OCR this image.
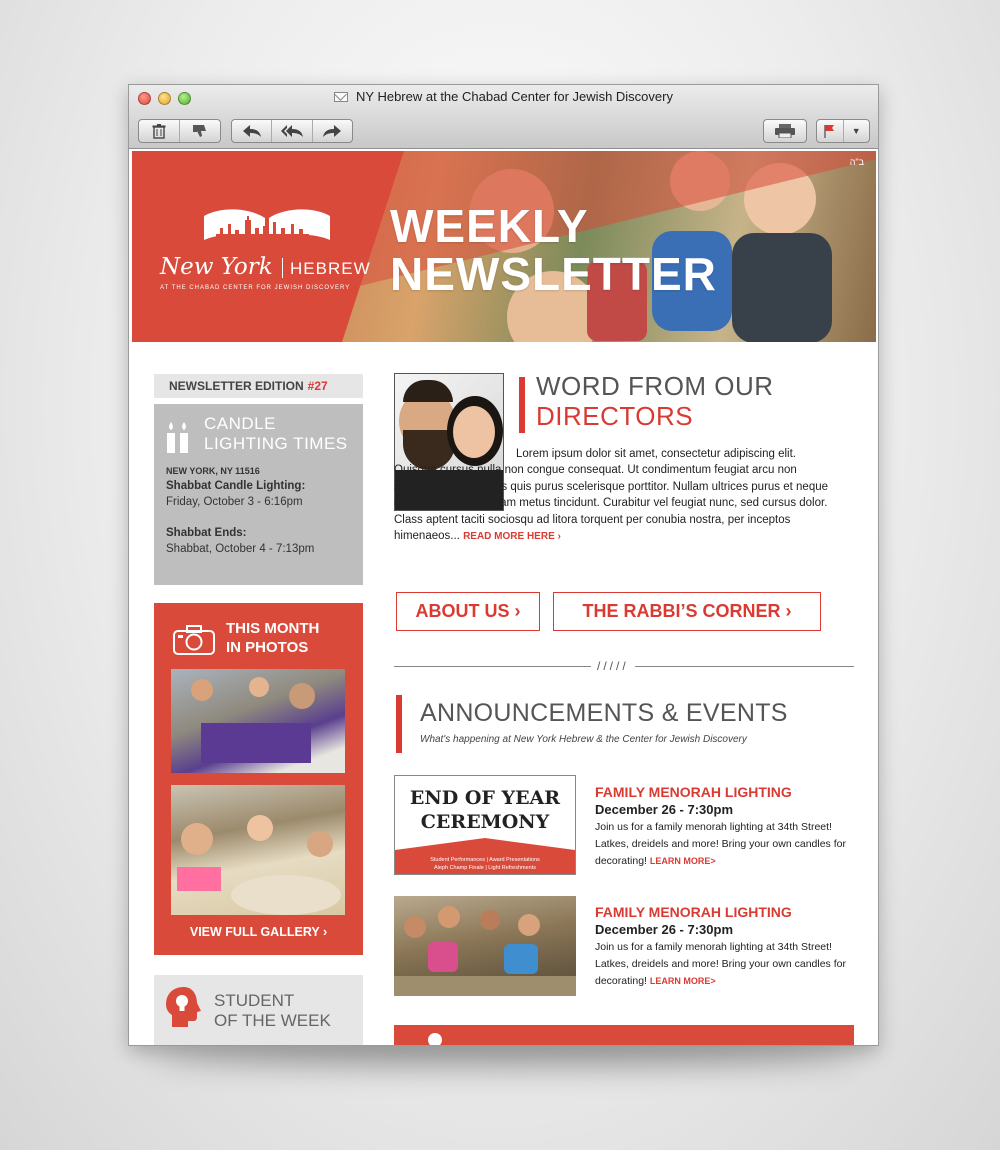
NY Hebrew at the Chabad Center for Jewish Discovery
▼
New York HEBREW
AT THE CHABAD CENTER FOR JEWISH DISCOVERY
WEEKLY
NEWSLETTER
ב"ה
NEWSLETTER EDITION #27
CANDLE
LIGHTING TIMES
NEW YORK, NY 11516
Shabbat Candle Lighting:
Friday, October 3 - 6:16pm
Shabbat Ends:
Shabbat, October 4 - 7:13pm
THIS MONTH
IN PHOTOS
VIEW FULL GALLERY ›
STUDENT
OF THE WEEK
WORD FROM OUR
DIRECTORS
Lorem ipsum dolor sit amet, consectetur adipiscing elit. Quisque cursus nulla non congue consequat. Ut condimentum feugiat arcu non sagittis. Nam ac turpis quis purus scelerisque porttitor. Nullam ultrices purus et neque ullamcorper, eu aliquam metus tincidunt. Curabitur vel feugiat nunc, sed cursus dolor. Class aptent taciti sociosqu ad litora torquent per conubia nostra, per inceptos himenaeos... READ MORE HERE ›
ABOUT US ›	THE RABBI’S CORNER ›
/////
ANNOUNCEMENTS & EVENTS
What's happening at New York Hebrew & the Center for Jewish Discovery
END OF YEAR CEREMONY
Student Performances | Award Presentations
Aleph Champ Finale | Light Refreshments
FAMILY MENORAH LIGHTING
December 26 - 7:30pm
Join us for a family menorah lighting at 34th Street! Latkes, dreidels and more! Bring your own candles for decorating! LEARN MORE>
FAMILY MENORAH LIGHTING
December 26 - 7:30pm
Join us for a family menorah lighting at 34th Street! Latkes, dreidels and more! Bring your own candles for decorating! LEARN MORE>
